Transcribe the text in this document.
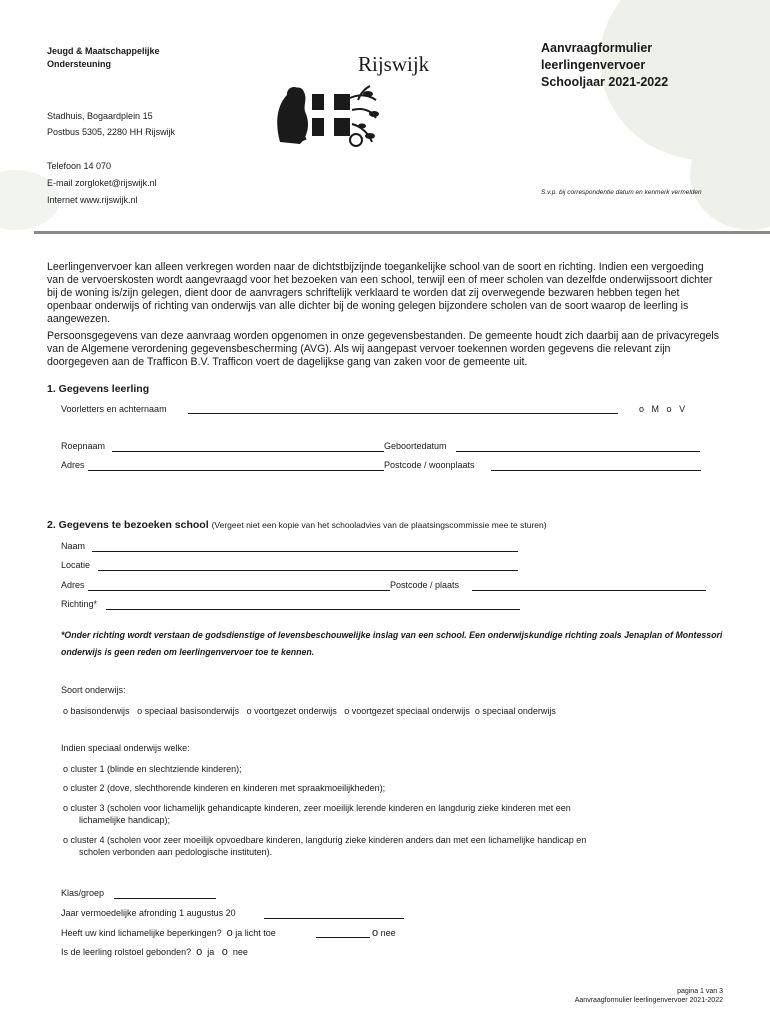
Jeugd & Maatschappelijke
Ondersteuning
Stadhuis, Bogaardplein 15
Postbus 5305, 2280 HH Rijswijk
Telefoon 14 070
E-mail zorgloket@rijswijk.nl
Internet www.rijswijk.nl
Rijswijk
Aanvraagformulier
leerlingenvervoer
Schooljaar 2021-2022
S.v.p. bij correspondentie datum en kenmerk vermelden
Leerlingenvervoer kan alleen verkregen worden naar de dichtstbijzijnde toegankelijke school van de soort en richting. Indien een vergoeding van de vervoerskosten wordt aangevraagd voor het bezoeken van een school, terwijl een of meer scholen van dezelfde onderwijssoort dichter bij de woning is/zijn gelegen, dient door de aanvragers schriftelijk verklaard te worden dat zij overwegende bezwaren hebben tegen het openbaar onderwijs of richting van onderwijs van alle dichter bij de woning gelegen bijzondere scholen van de soort waarop de leerling is aangewezen.
Persoonsgegevens van deze aanvraag worden opgenomen in onze gegevensbestanden. De gemeente houdt zich daarbij aan de privacyregels van de Algemene verordening gegevensbescherming (AVG). Als wij aangepast vervoer toekennen worden gegevens die relevant zijn doorgegeven aan de Trafficon B.V. Trafficon voert de dagelijkse gang van zaken voor de gemeente uit.
1. Gegevens leerling
Voorletters en achternaam	o M o V
Roepnaam	Geboortedatum
Adres	Postcode / woonplaats
2. Gegevens te bezoeken school (Vergeet niet een kopie van het schooladvies van de plaatsingscommissie mee te sturen)
Naam
Locatie
Adres	Postcode / plaats
Richting*
*Onder richting wordt verstaan de godsdienstige of levensbeschouwelijke inslag van een school. Een onderwijskundige richting zoals Jenaplan of Montessori onderwijs is geen reden om leerlingenvervoer toe te kennen.
Soort onderwijs:
o basisonderwijs o speciaal basisonderwijs o voortgezet onderwijs o voortgezet speciaal onderwijs o speciaal onderwijs
Indien speciaal onderwijs welke:
o cluster 1 (blinde en slechtziende kinderen);
o cluster 2 (dove, slechthorende kinderen en kinderen met spraakmoeilijkheden);
o cluster 3 (scholen voor lichamelijk gehandicapte kinderen, zeer moeilijk lerende kinderen en langdurig zieke kinderen met een
lichamelijke handicap);
o cluster 4 (scholen voor zeer moeilijk opvoedbare kinderen, langdurig zieke kinderen anders dan met een lichamelijke handicap en
scholen verbonden aan pedologische instituten).
Klas/groep
Jaar vermoedelijke afronding 1 augustus 20
Heeft uw kind lichamelijke beperkingen? o ja licht toe	o nee
Is de leerling rolstoel gebonden? o ja o nee
pagina 1 van 3
Aanvraagformulier leerlingenvervoer 2021-2022
